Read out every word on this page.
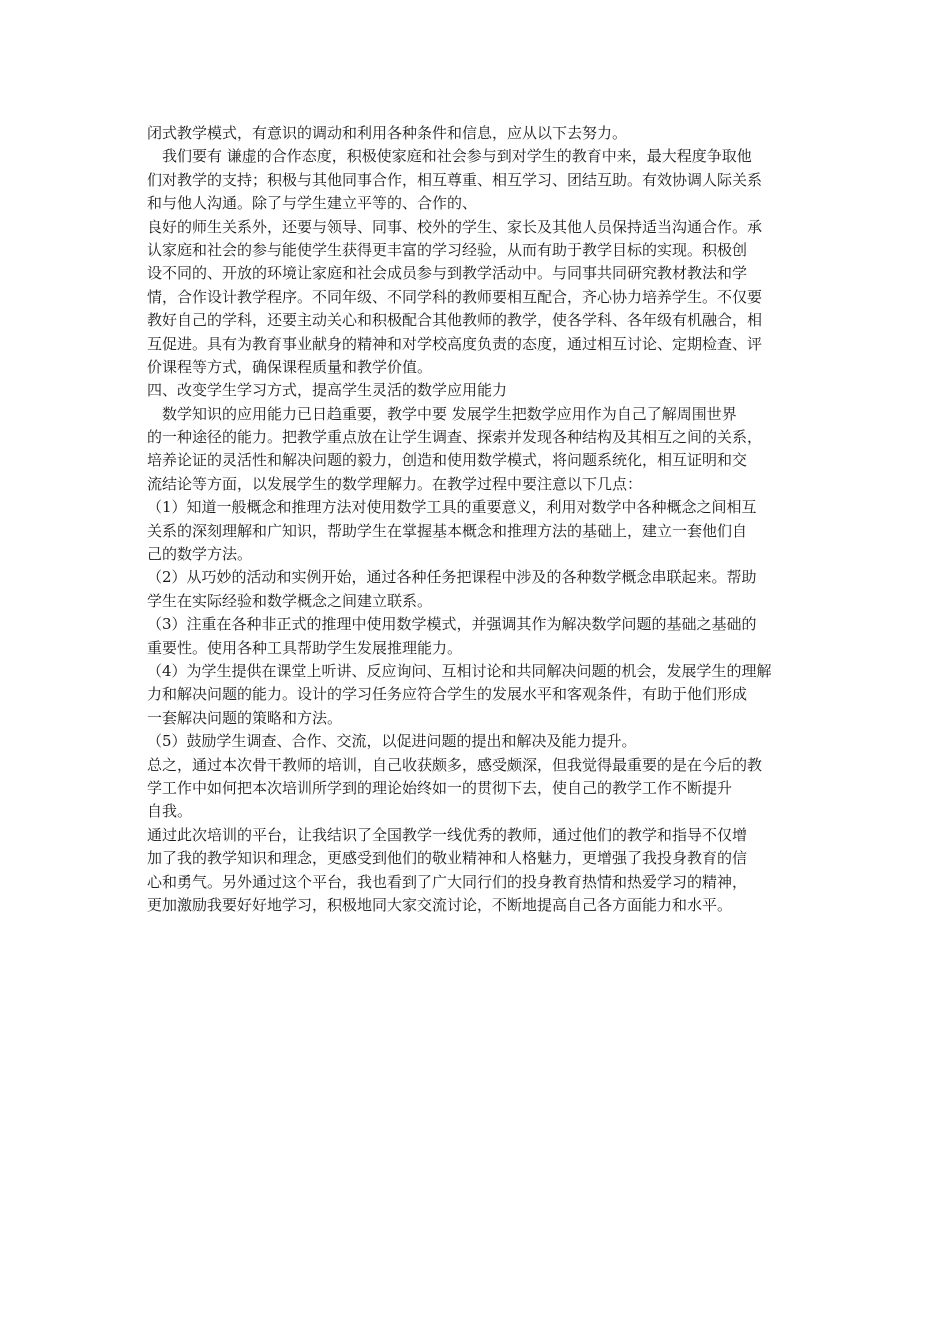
闭式教学模式，有意识的调动和利用各种条件和信息，应从以下去努力。
　我们要有 谦虚的合作态度，积极使家庭和社会参与到对学生的教育中来，最大程度争取他
们对教学的支持；积极与其他同事合作，相互尊重、相互学习、团结互助。有效协调人际关系
和与他人沟通。除了与学生建立平等的、合作的、
良好的师生关系外，还要与领导、同事、校外的学生、家长及其他人员保持适当沟通合作。承
认家庭和社会的参与能使学生获得更丰富的学习经验，从而有助于教学目标的实现。积极创
设不同的、开放的环境让家庭和社会成员参与到教学活动中。与同事共同研究教材教法和学
情，合作设计教学程序。不同年级、不同学科的教师要相互配合，齐心协力培养学生。不仅要
教好自己的学科，还要主动关心和积极配合其他教师的教学，使各学科、各年级有机融合，相
互促进。具有为教育事业献身的精神和对学校高度负责的态度，通过相互讨论、定期检查、评
价课程等方式，确保课程质量和教学价值。
四、改变学生学习方式，提高学生灵活的数学应用能力
　数学知识的应用能力已日趋重要，教学中要 发展学生把数学应用作为自己了解周围世界
的一种途径的能力。把教学重点放在让学生调查、探索并发现各种结构及其相互之间的关系，
培养论证的灵活性和解决问题的毅力，创造和使用数学模式，将问题系统化，相互证明和交
流结论等方面，以发展学生的数学理解力。在教学过程中要注意以下几点：
（1）知道一般概念和推理方法对使用数学工具的重要意义，利用对数学中各种概念之间相互
关系的深刻理解和广知识，帮助学生在掌握基本概念和推理方法的基础上，建立一套他们自
己的数学方法。
（2）从巧妙的活动和实例开始，通过各种任务把课程中涉及的各种数学概念串联起来。帮助
学生在实际经验和数学概念之间建立联系。
（3）注重在各种非正式的推理中使用数学模式，并强调其作为解决数学问题的基础之基础的
重要性。使用各种工具帮助学生发展推理能力。
（4）为学生提供在课堂上听讲、反应询问、互相讨论和共同解决问题的机会，发展学生的理解
力和解决问题的能力。设计的学习任务应符合学生的发展水平和客观条件，有助于他们形成
一套解决问题的策略和方法。
（5）鼓励学生调查、合作、交流，以促进问题的提出和解决及能力提升。
总之，通过本次骨干教师的培训，自己收获颇多，感受颇深，但我觉得最重要的是在今后的教
学工作中如何把本次培训所学到的理论始终如一的贯彻下去，使自己的教学工作不断提升
自我。
通过此次培训的平台，让我结识了全国教学一线优秀的教师，通过他们的教学和指导不仅增
加了我的教学知识和理念，更感受到他们的敬业精神和人格魅力，更增强了我投身教育的信
心和勇气。另外通过这个平台，我也看到了广大同行们的投身教育热情和热爱学习的精神，
更加激励我要好好地学习，积极地同大家交流讨论，不断地提高自己各方面能力和水平。
